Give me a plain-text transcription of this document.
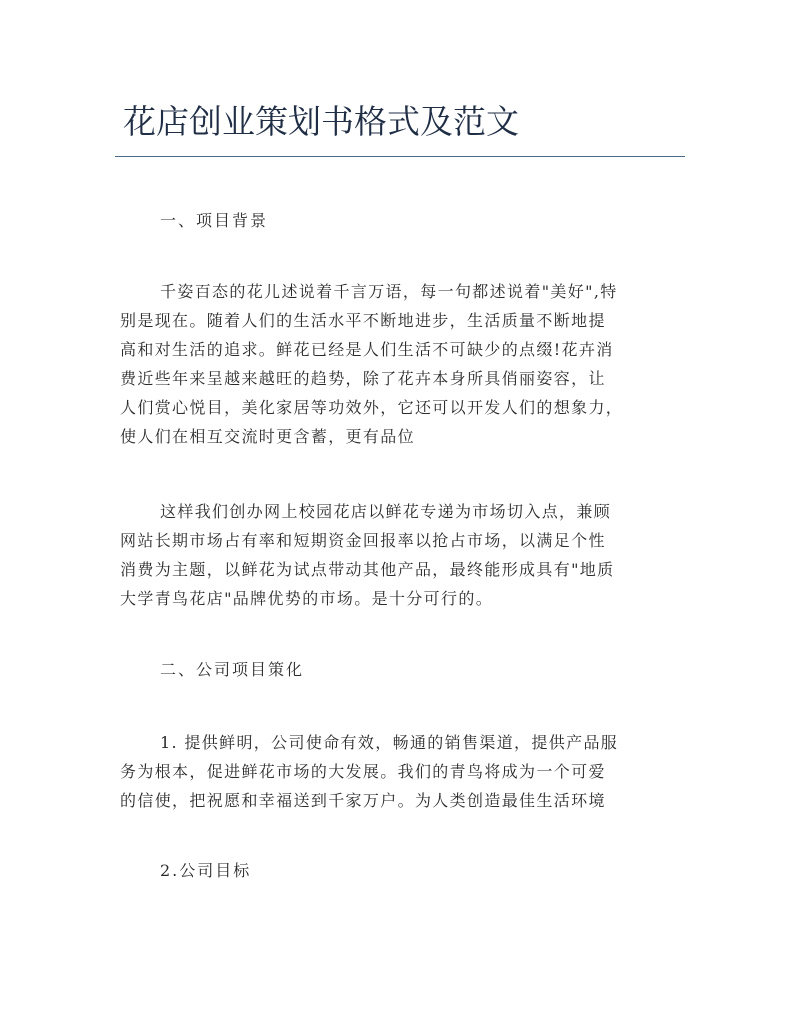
花店创业策划书格式及范文
一、项目背景

千姿百态的花儿述说着千言万语，每一句都述说着"美好",特
别是现在。随着人们的生活水平不断地进步，生活质量不断地提
高和对生活的追求。鲜花已经是人们生活不可缺少的点缀!花卉消
费近些年来呈越来越旺的趋势，除了花卉本身所具俏丽姿容，让
人们赏心悦目，美化家居等功效外，它还可以开发人们的想象力，
使人们在相互交流时更含蓄，更有品位

这样我们创办网上校园花店以鲜花专递为市场切入点，兼顾
网站长期市场占有率和短期资金回报率以抢占市场，以满足个性
消费为主题，以鲜花为试点带动其他产品，最终能形成具有"地质
大学青鸟花店"品牌优势的市场。是十分可行的。

二、公司项目策化

1. 提供鲜明，公司使命有效，畅通的销售渠道，提供产品服
务为根本，促进鲜花市场的大发展。我们的青鸟将成为一个可爱
的信使，把祝愿和幸福送到千家万户。为人类创造最佳生活环境

2.公司目标
